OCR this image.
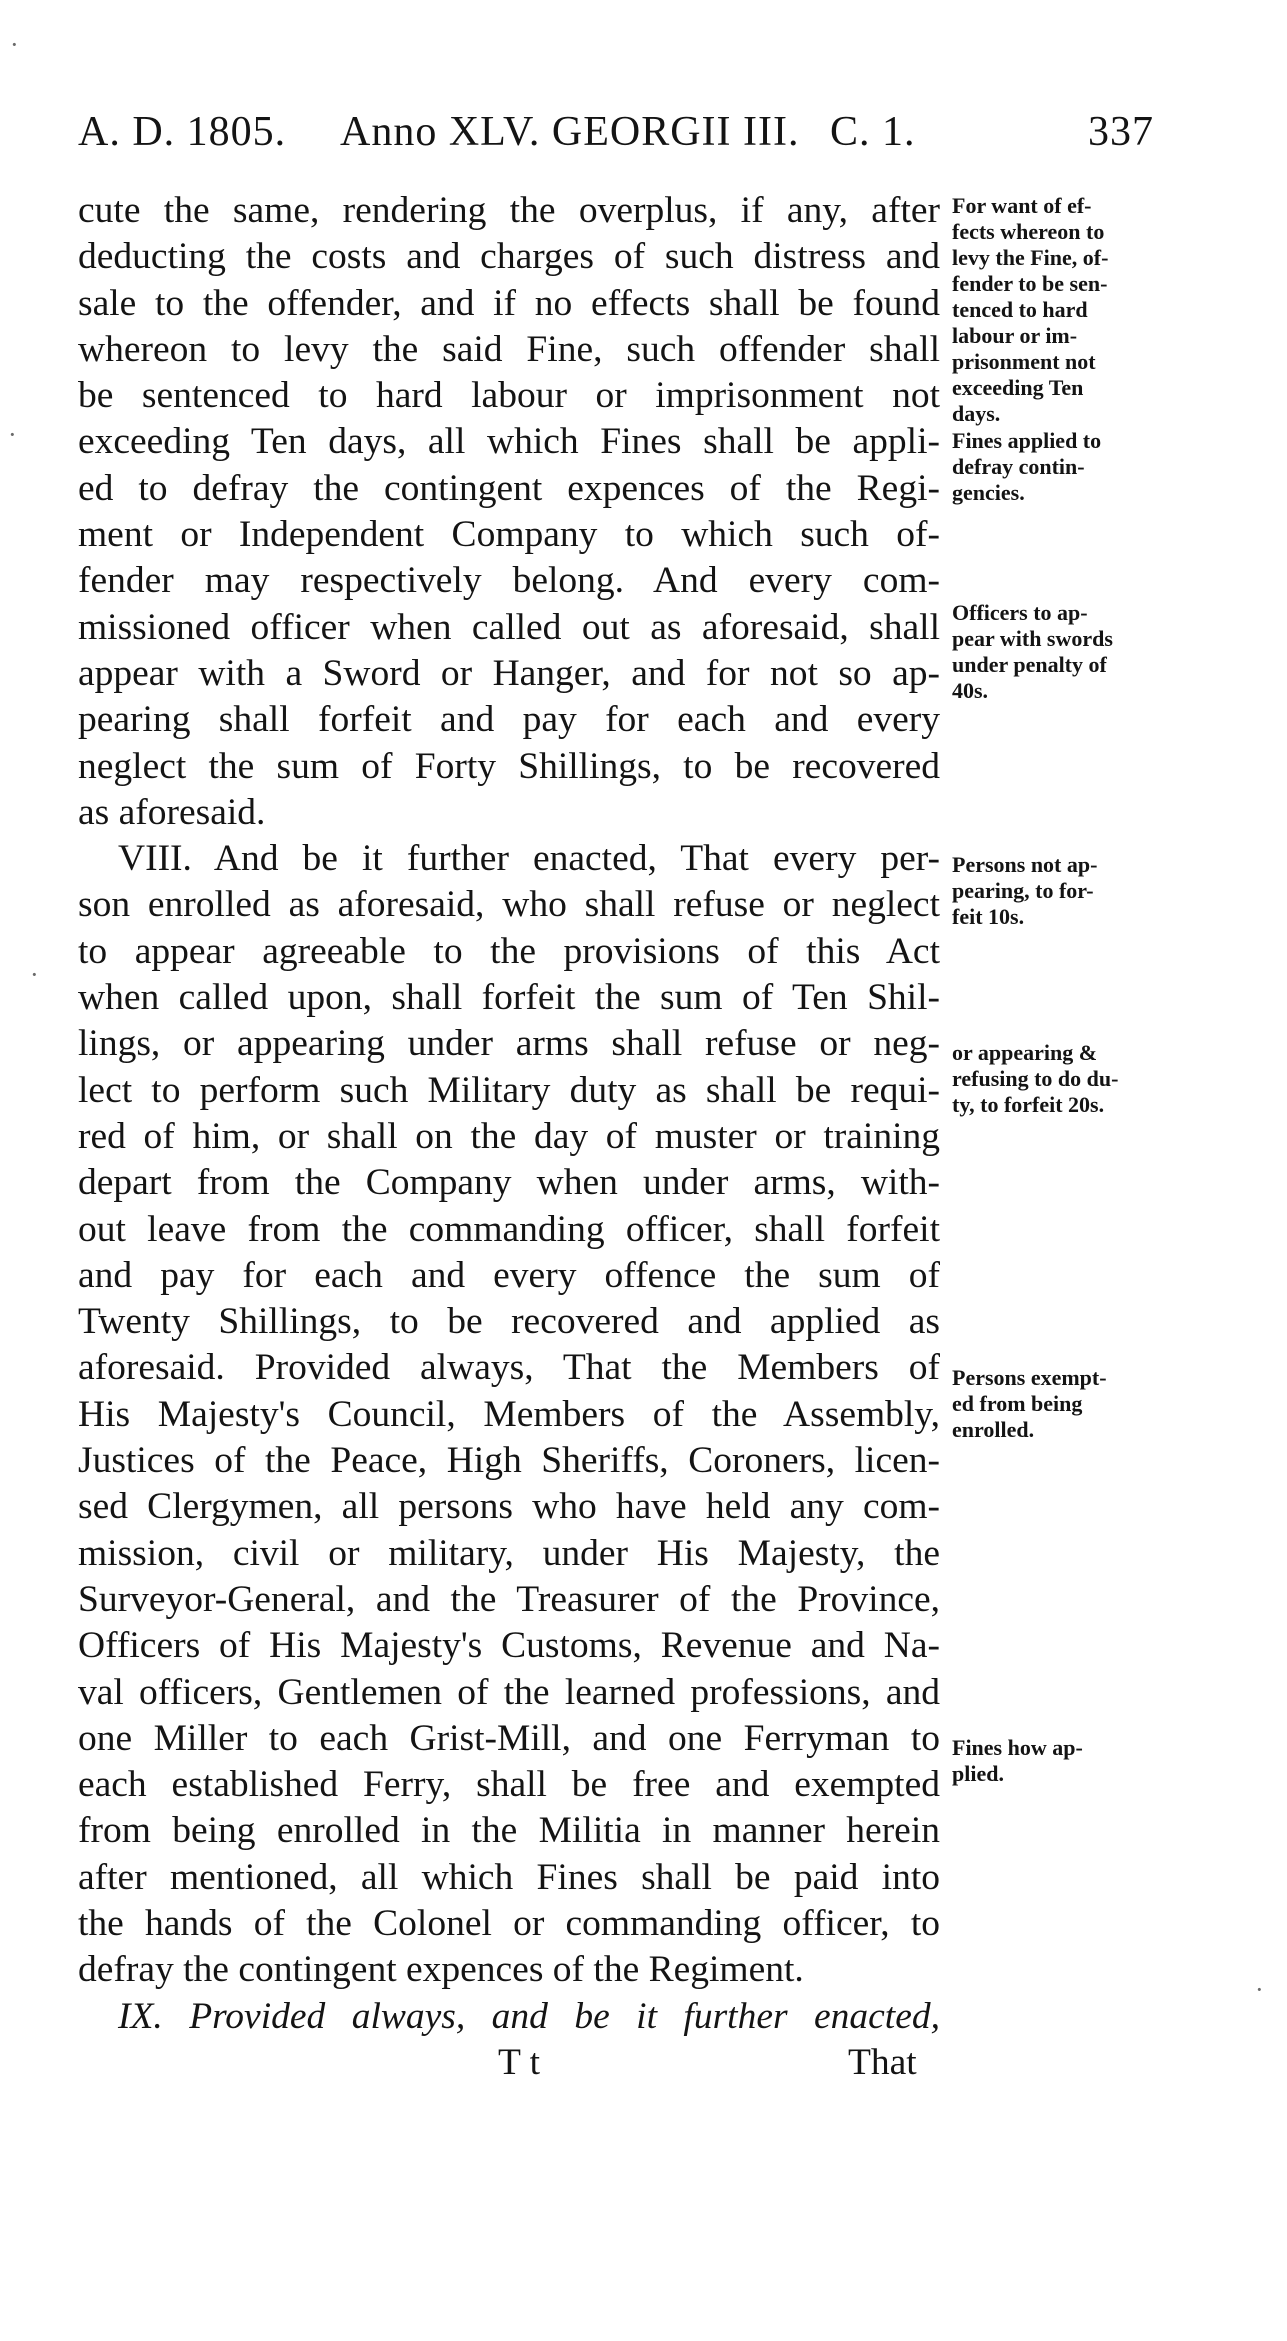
A. D. 1805. Anno XLV. GEORGII III. C. 1.	337
cute the same, rendering the overplus, if any, after
deducting the costs and charges of such distress and
sale to the offender, and if no effects shall be found
whereon to levy the said Fine, such offender shall
be sentenced to hard labour or imprisonment not
exceeding Ten days, all which Fines shall be appli-
ed to defray the contingent expences of the Regi-
ment or Independent Company to which such of-
fender may respectively belong. And every com-
missioned officer when called out as aforesaid, shall
appear with a Sword or Hanger, and for not so ap-
pearing shall forfeit and pay for each and every
neglect the sum of Forty Shillings, to be recovered
as aforesaid.
VIII. And be it further enacted, That every per-
son enrolled as aforesaid, who shall refuse or neglect
to appear agreeable to the provisions of this Act
when called upon, shall forfeit the sum of Ten Shil-
lings, or appearing under arms shall refuse or neg-
lect to perform such Military duty as shall be requi-
red of him, or shall on the day of muster or training
depart from the Company when under arms, with-
out leave from the commanding officer, shall forfeit
and pay for each and every offence the sum of
Twenty Shillings, to be recovered and applied as
aforesaid. Provided always, That the Members of
His Majesty's Council, Members of the Assembly,
Justices of the Peace, High Sheriffs, Coroners, licen-
sed Clergymen, all persons who have held any com-
mission, civil or military, under His Majesty, the
Surveyor-General, and the Treasurer of the Province,
Officers of His Majesty's Customs, Revenue and Na-
val officers, Gentlemen of the learned professions, and
one Miller to each Grist-Mill, and one Ferryman to
each established Ferry, shall be free and exempted
from being enrolled in the Militia in manner herein
after mentioned, all which Fines shall be paid into
the hands of the Colonel or commanding officer, to
defray the contingent expences of the Regiment.
IX. Provided always, and be it further enacted,
T t	That
For want of ef-
fects whereon to
levy the Fine, of-
fender to be sen-
tenced to hard
labour or im-
prisonment not
exceeding Ten
days.
Fines applied to
defray contin-
gencies.
Officers to ap-
pear with swords
under penalty of
40s.
Persons not ap-
pearing, to for-
feit 10s.
or appearing &
refusing to do du-
ty, to forfeit 20s.
Persons exempt-
ed from being
enrolled.
Fines how ap-
plied.
·
·
·
·
